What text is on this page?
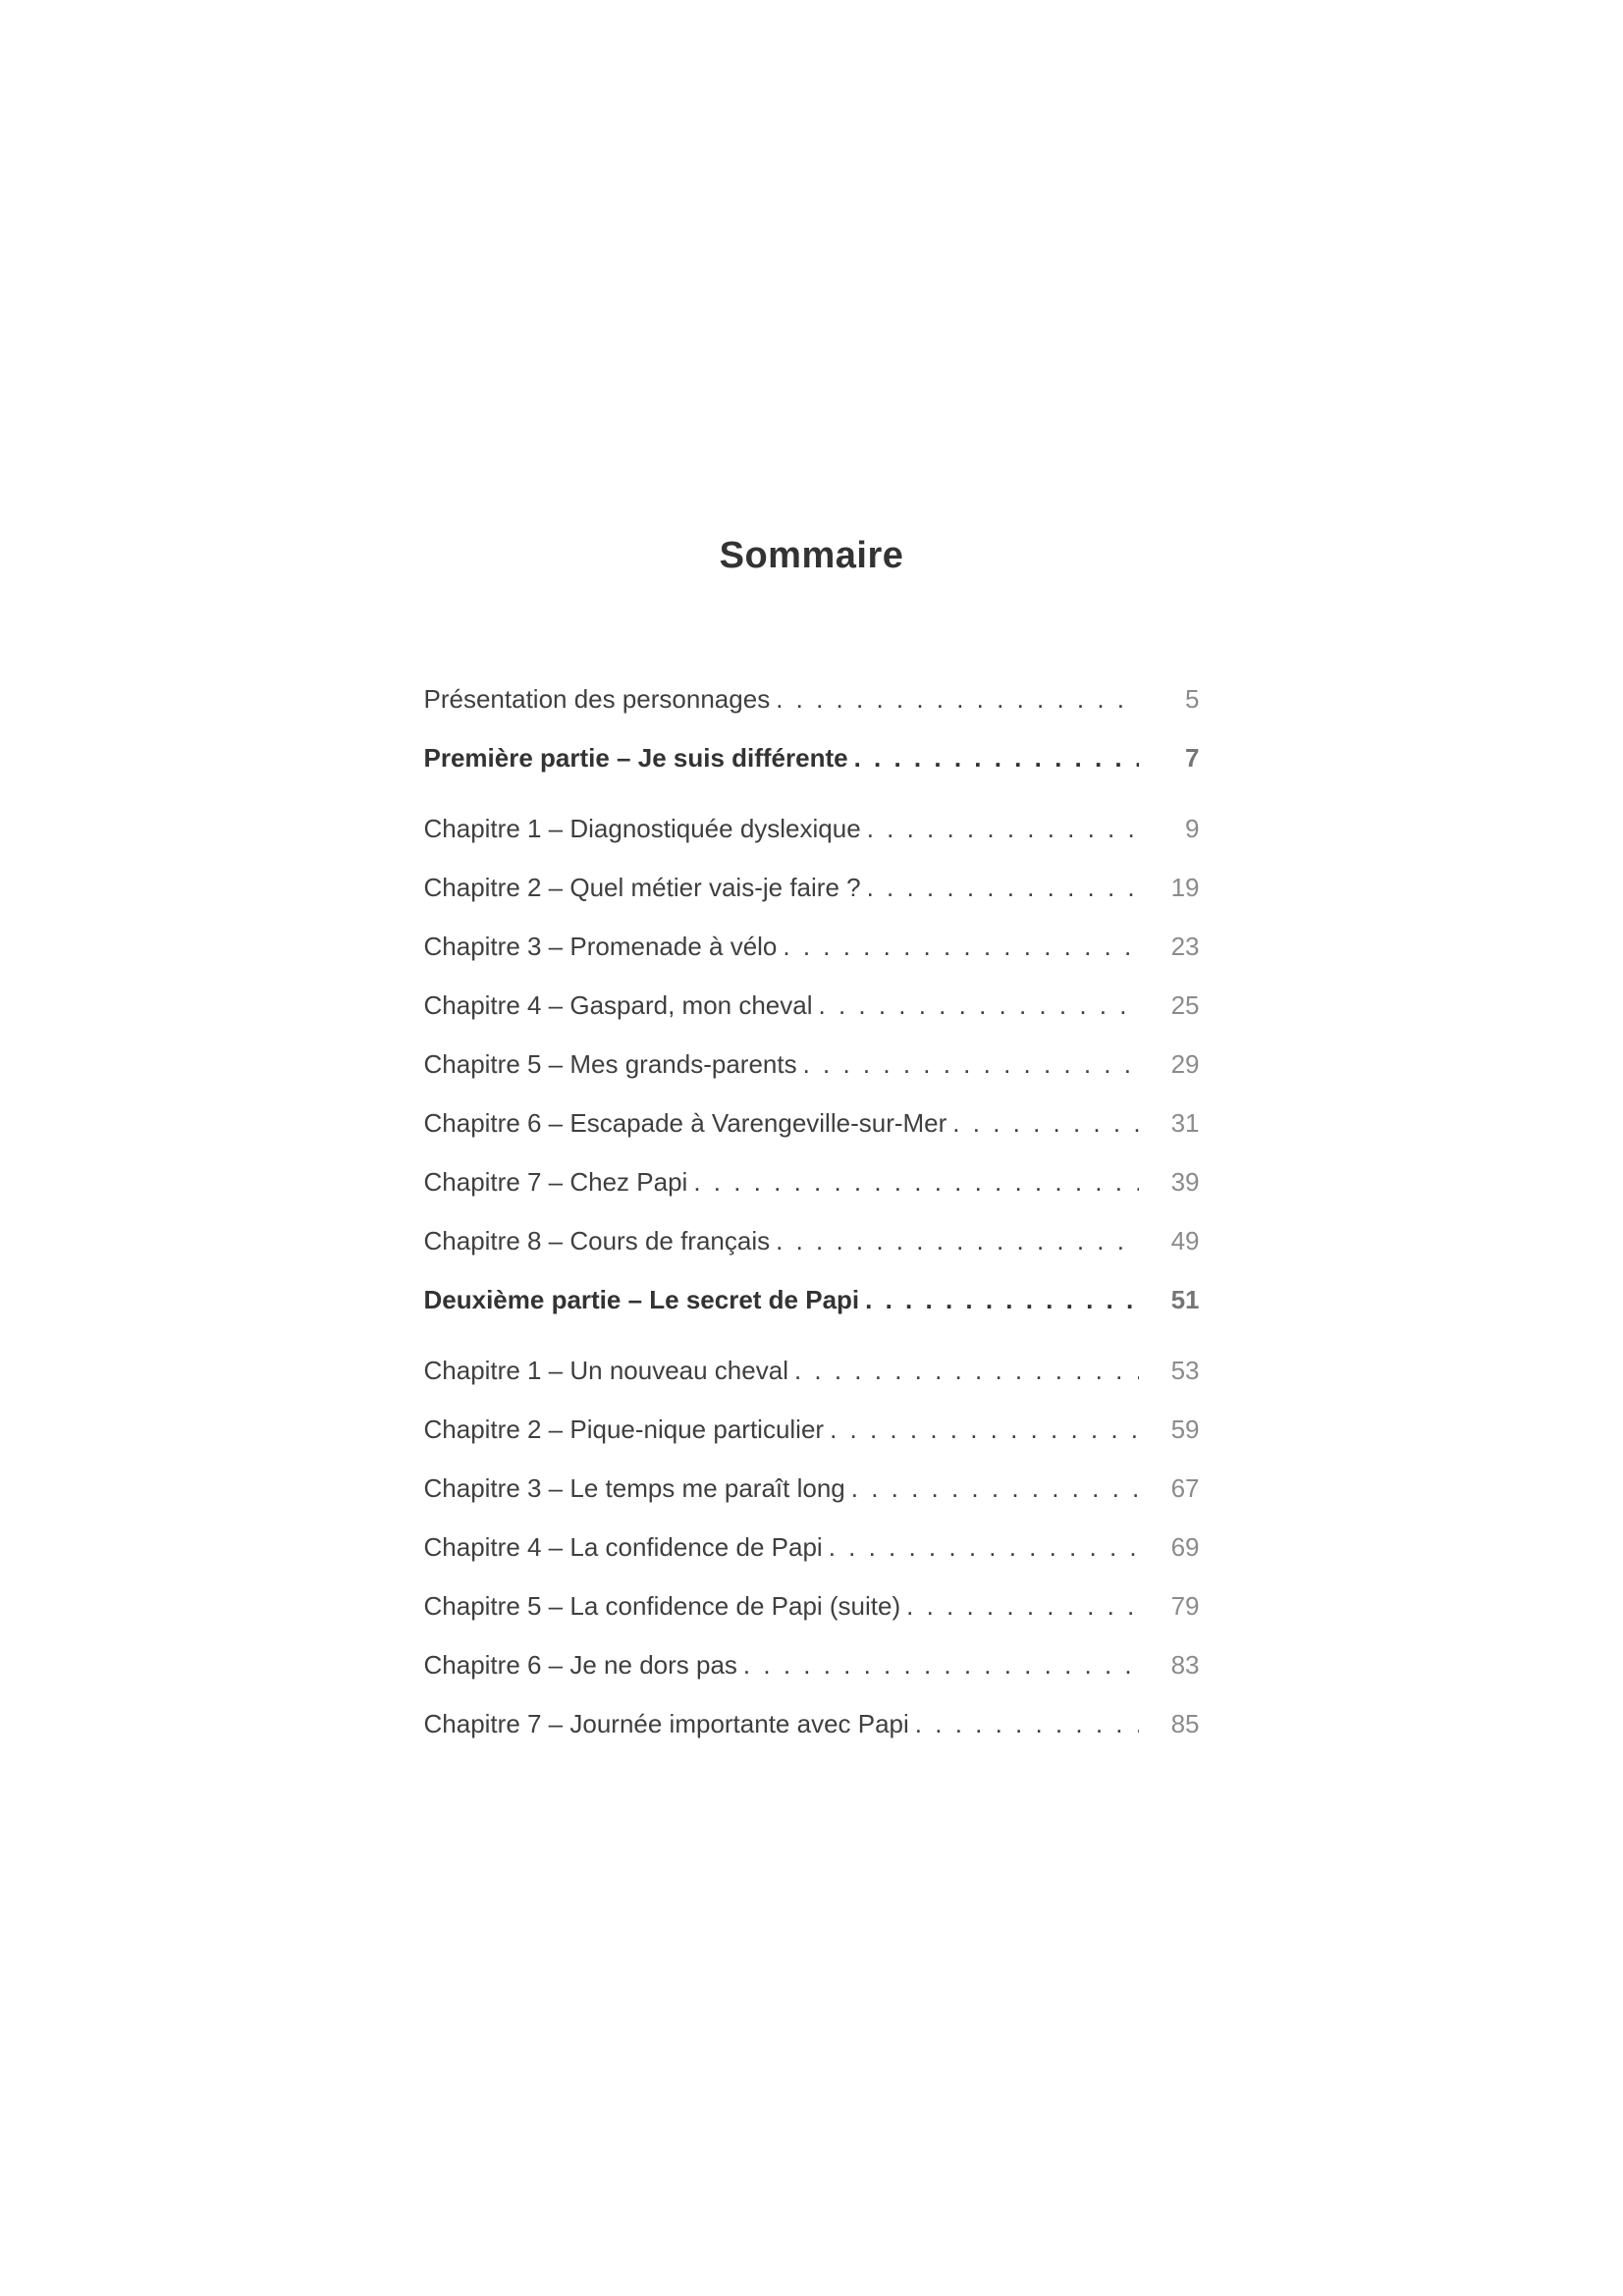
Sommaire
Présentation des personnages . . .	5
Première partie – Je suis différente . . .	7
Chapitre 1 – Diagnostiquée dyslexique . . .	9
Chapitre 2 – Quel métier vais-je faire ? . . .	19
Chapitre 3 – Promenade à vélo . . .	23
Chapitre 4 – Gaspard, mon cheval . . .	25
Chapitre 5 – Mes grands-parents . . .	29
Chapitre 6 – Escapade à Varengeville-sur-Mer . . .	31
Chapitre 7 – Chez Papi . . .	39
Chapitre 8 – Cours de français . . .	49
Deuxième partie – Le secret de Papi . . .	51
Chapitre 1 – Un nouveau cheval . . .	53
Chapitre 2 – Pique-nique particulier . . .	59
Chapitre 3 – Le temps me paraît long . . .	67
Chapitre 4 – La confidence de Papi . . .	69
Chapitre 5 – La confidence de Papi (suite) . . .	79
Chapitre 6 – Je ne dors pas . . .	83
Chapitre 7 – Journée importante avec Papi . . .	85
